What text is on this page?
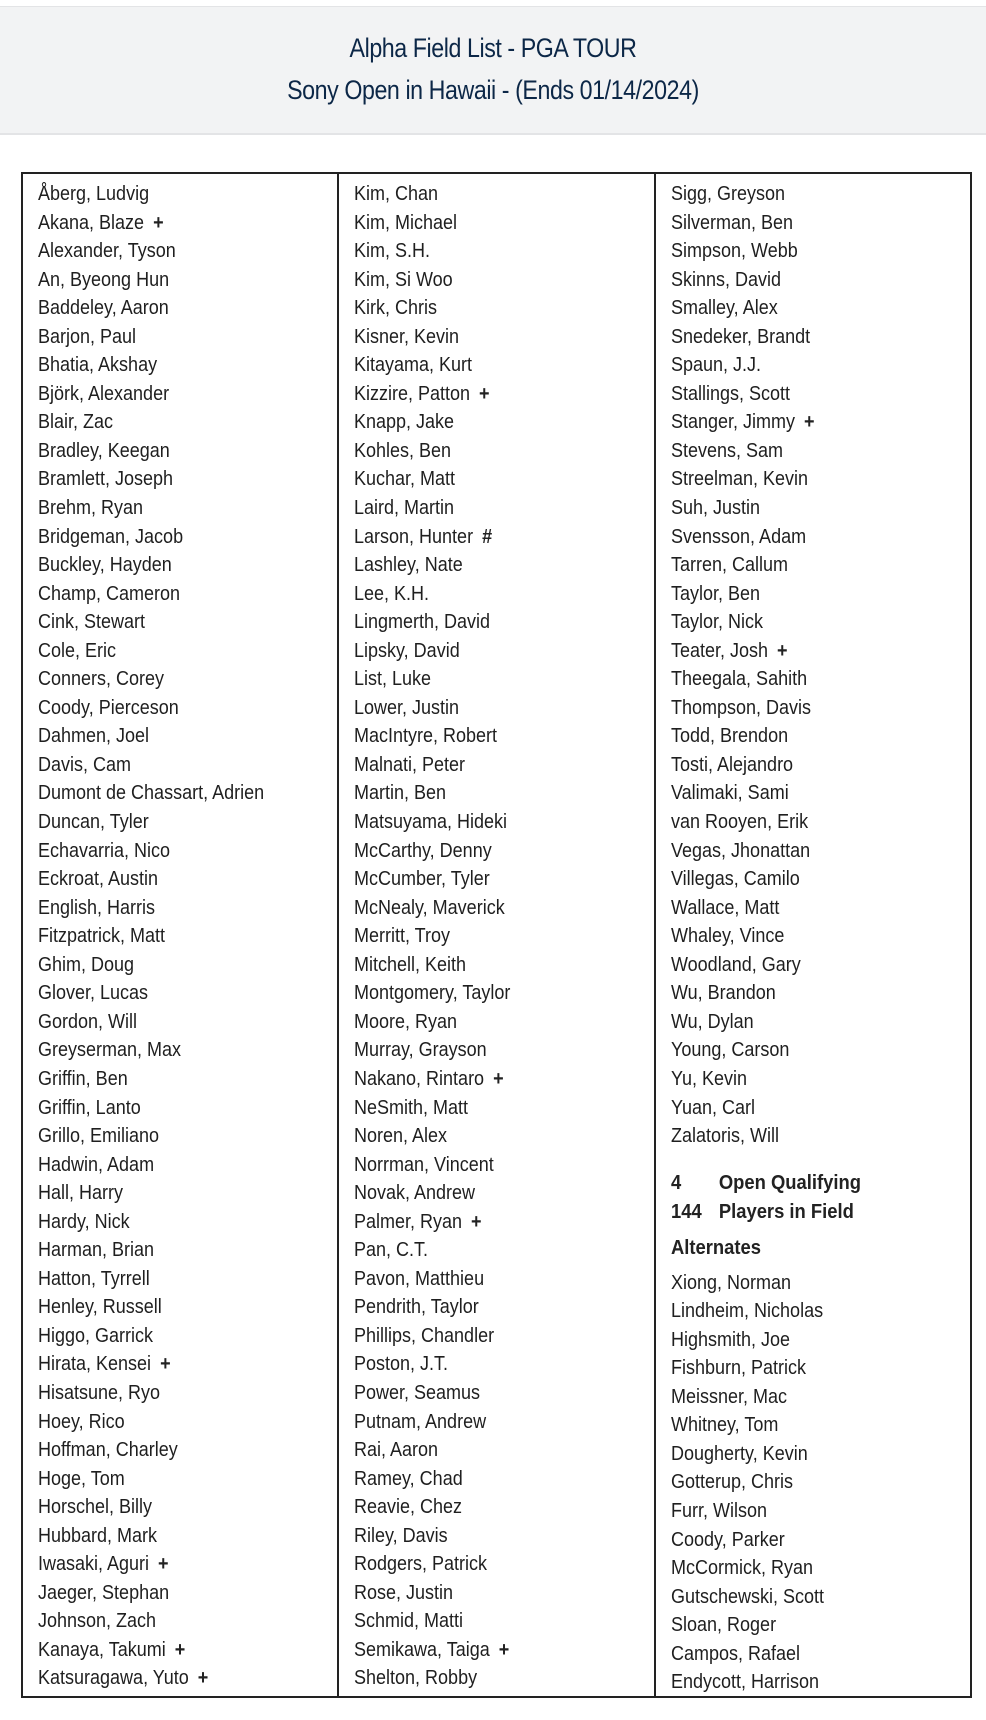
Alpha Field List - PGA TOUR
Sony Open in Hawaii - (Ends 01/14/2024)
Åberg, Ludvig
Akana, Blaze +
Alexander, Tyson
An, Byeong Hun
Baddeley, Aaron
Barjon, Paul
Bhatia, Akshay
Björk, Alexander
Blair, Zac
Bradley, Keegan
Bramlett, Joseph
Brehm, Ryan
Bridgeman, Jacob
Buckley, Hayden
Champ, Cameron
Cink, Stewart
Cole, Eric
Conners, Corey
Coody, Pierceson
Dahmen, Joel
Davis, Cam
Dumont de Chassart, Adrien
Duncan, Tyler
Echavarria, Nico
Eckroat, Austin
English, Harris
Fitzpatrick, Matt
Ghim, Doug
Glover, Lucas
Gordon, Will
Greyserman, Max
Griffin, Ben
Griffin, Lanto
Grillo, Emiliano
Hadwin, Adam
Hall, Harry
Hardy, Nick
Harman, Brian
Hatton, Tyrrell
Henley, Russell
Higgo, Garrick
Hirata, Kensei +
Hisatsune, Ryo
Hoey, Rico
Hoffman, Charley
Hoge, Tom
Horschel, Billy
Hubbard, Mark
Iwasaki, Aguri +
Jaeger, Stephan
Johnson, Zach
Kanaya, Takumi +
Katsuragawa, Yuto +
Kim, Chan
Kim, Michael
Kim, S.H.
Kim, Si Woo
Kirk, Chris
Kisner, Kevin
Kitayama, Kurt
Kizzire, Patton +
Knapp, Jake
Kohles, Ben
Kuchar, Matt
Laird, Martin
Larson, Hunter #
Lashley, Nate
Lee, K.H.
Lingmerth, David
Lipsky, David
List, Luke
Lower, Justin
MacIntyre, Robert
Malnati, Peter
Martin, Ben
Matsuyama, Hideki
McCarthy, Denny
McCumber, Tyler
McNealy, Maverick
Merritt, Troy
Mitchell, Keith
Montgomery, Taylor
Moore, Ryan
Murray, Grayson
Nakano, Rintaro +
NeSmith, Matt
Noren, Alex
Norrman, Vincent
Novak, Andrew
Palmer, Ryan +
Pan, C.T.
Pavon, Matthieu
Pendrith, Taylor
Phillips, Chandler
Poston, J.T.
Power, Seamus
Putnam, Andrew
Rai, Aaron
Ramey, Chad
Reavie, Chez
Riley, Davis
Rodgers, Patrick
Rose, Justin
Schmid, Matti
Semikawa, Taiga +
Shelton, Robby
Sigg, Greyson
Silverman, Ben
Simpson, Webb
Skinns, David
Smalley, Alex
Snedeker, Brandt
Spaun, J.J.
Stallings, Scott
Stanger, Jimmy +
Stevens, Sam
Streelman, Kevin
Suh, Justin
Svensson, Adam
Tarren, Callum
Taylor, Ben
Taylor, Nick
Teater, Josh +
Theegala, Sahith
Thompson, Davis
Todd, Brendon
Tosti, Alejandro
Valimaki, Sami
van Rooyen, Erik
Vegas, Jhonattan
Villegas, Camilo
Wallace, Matt
Whaley, Vince
Woodland, Gary
Wu, Brandon
Wu, Dylan
Young, Carson
Yu, Kevin
Yuan, Carl
Zalatoris, Will
4 Open Qualifying
144 Players in Field
Alternates
Xiong, Norman
Lindheim, Nicholas
Highsmith, Joe
Fishburn, Patrick
Meissner, Mac
Whitney, Tom
Dougherty, Kevin
Gotterup, Chris
Furr, Wilson
Coody, Parker
McCormick, Ryan
Gutschewski, Scott
Sloan, Roger
Campos, Rafael
Endycott, Harrison
